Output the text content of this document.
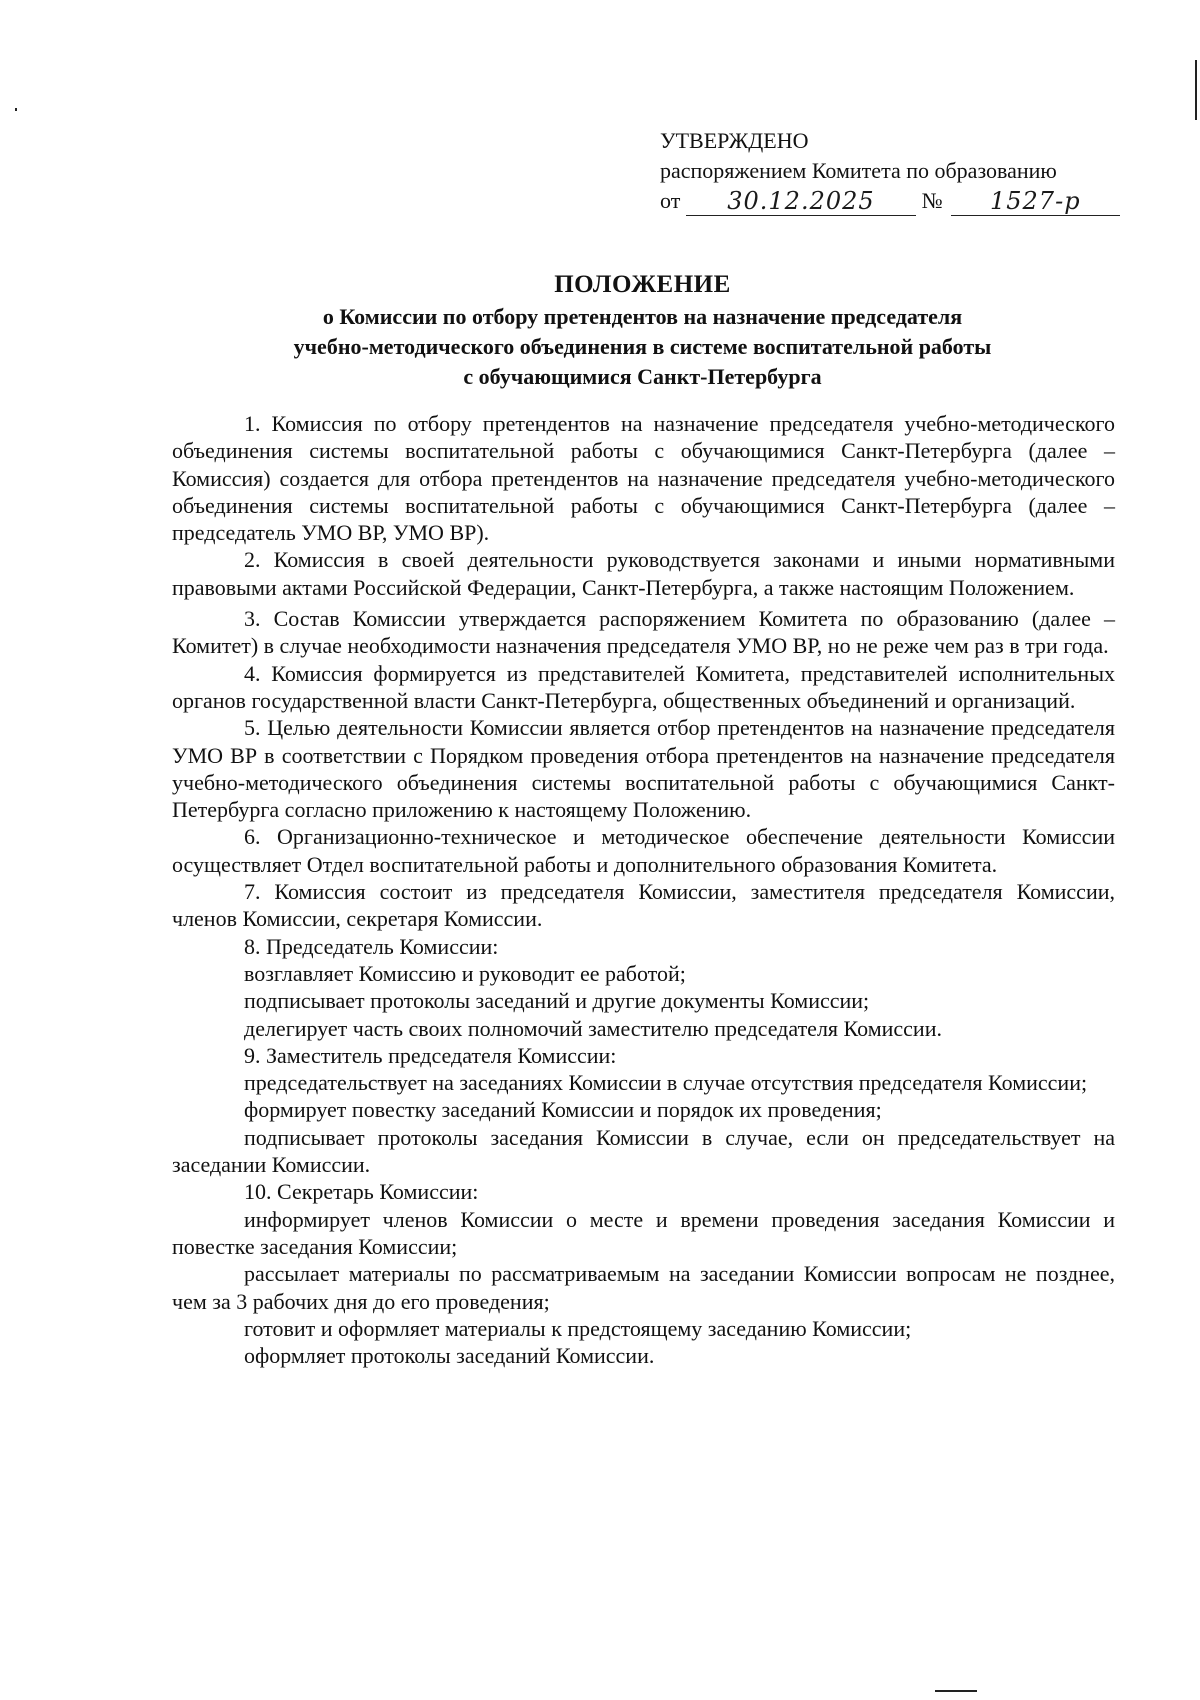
УТВЕРЖДЕНО
распоряжением Комитета по образованию
от	30.12.2025	№	1527-р
ПОЛОЖЕНИЕ
о Комиссии по отбору претендентов на назначение председателя
учебно-методического объединения в системе воспитательной работы
с обучающимися Санкт-Петербурга

1. Комиссия по отбору претендентов на назначение председателя учебно-методического объединения системы воспитательной работы с обучающимися Санкт-Петербурга (далее – Комиссия) создается для отбора претендентов на назначение председателя учебно-методического объединения системы воспитательной работы с обучающимися Санкт-Петербурга (далее – председатель УМО ВР, УМО ВР).

2. Комиссия в своей деятельности руководствуется законами и иными нормативными правовыми актами Российской Федерации, Санкт-Петербурга, а также настоящим Положением.

3. Состав Комиссии утверждается распоряжением Комитета по образованию (далее – Комитет) в случае необходимости назначения председателя УМО ВР, но не реже чем раз в три года.

4. Комиссия формируется из представителей Комитета, представителей исполнительных органов государственной власти Санкт-Петербурга, общественных объединений и организаций.

5. Целью деятельности Комиссии является отбор претендентов на назначение председателя УМО ВР в соответствии с Порядком проведения отбора претендентов на назначение председателя учебно-методического объединения системы воспитательной работы с обучающимися Санкт-Петербурга согласно приложению к настоящему Положению.

6. Организационно-техническое и методическое обеспечение деятельности Комиссии осуществляет Отдел воспитательной работы и дополнительного образования Комитета.

7. Комиссия состоит из председателя Комиссии, заместителя председателя Комиссии, членов Комиссии, секретаря Комиссии.

8. Председатель Комиссии:

возглавляет Комиссию и руководит ее работой;

подписывает протоколы заседаний и другие документы Комиссии;

делегирует часть своих полномочий заместителю председателя Комиссии.

9. Заместитель председателя Комиссии:

председательствует на заседаниях Комиссии в случае отсутствия председателя Комиссии;

формирует повестку заседаний Комиссии и порядок их проведения;

подписывает протоколы заседания Комиссии в случае, если он председательствует на заседании Комиссии.

10. Секретарь Комиссии:

информирует членов Комиссии о месте и времени проведения заседания Комиссии и повестке заседания Комиссии;

рассылает материалы по рассматриваемым на заседании Комиссии вопросам не позднее, чем за 3 рабочих дня до его проведения;

готовит и оформляет материалы к предстоящему заседанию Комиссии;

оформляет протоколы заседаний Комиссии.
